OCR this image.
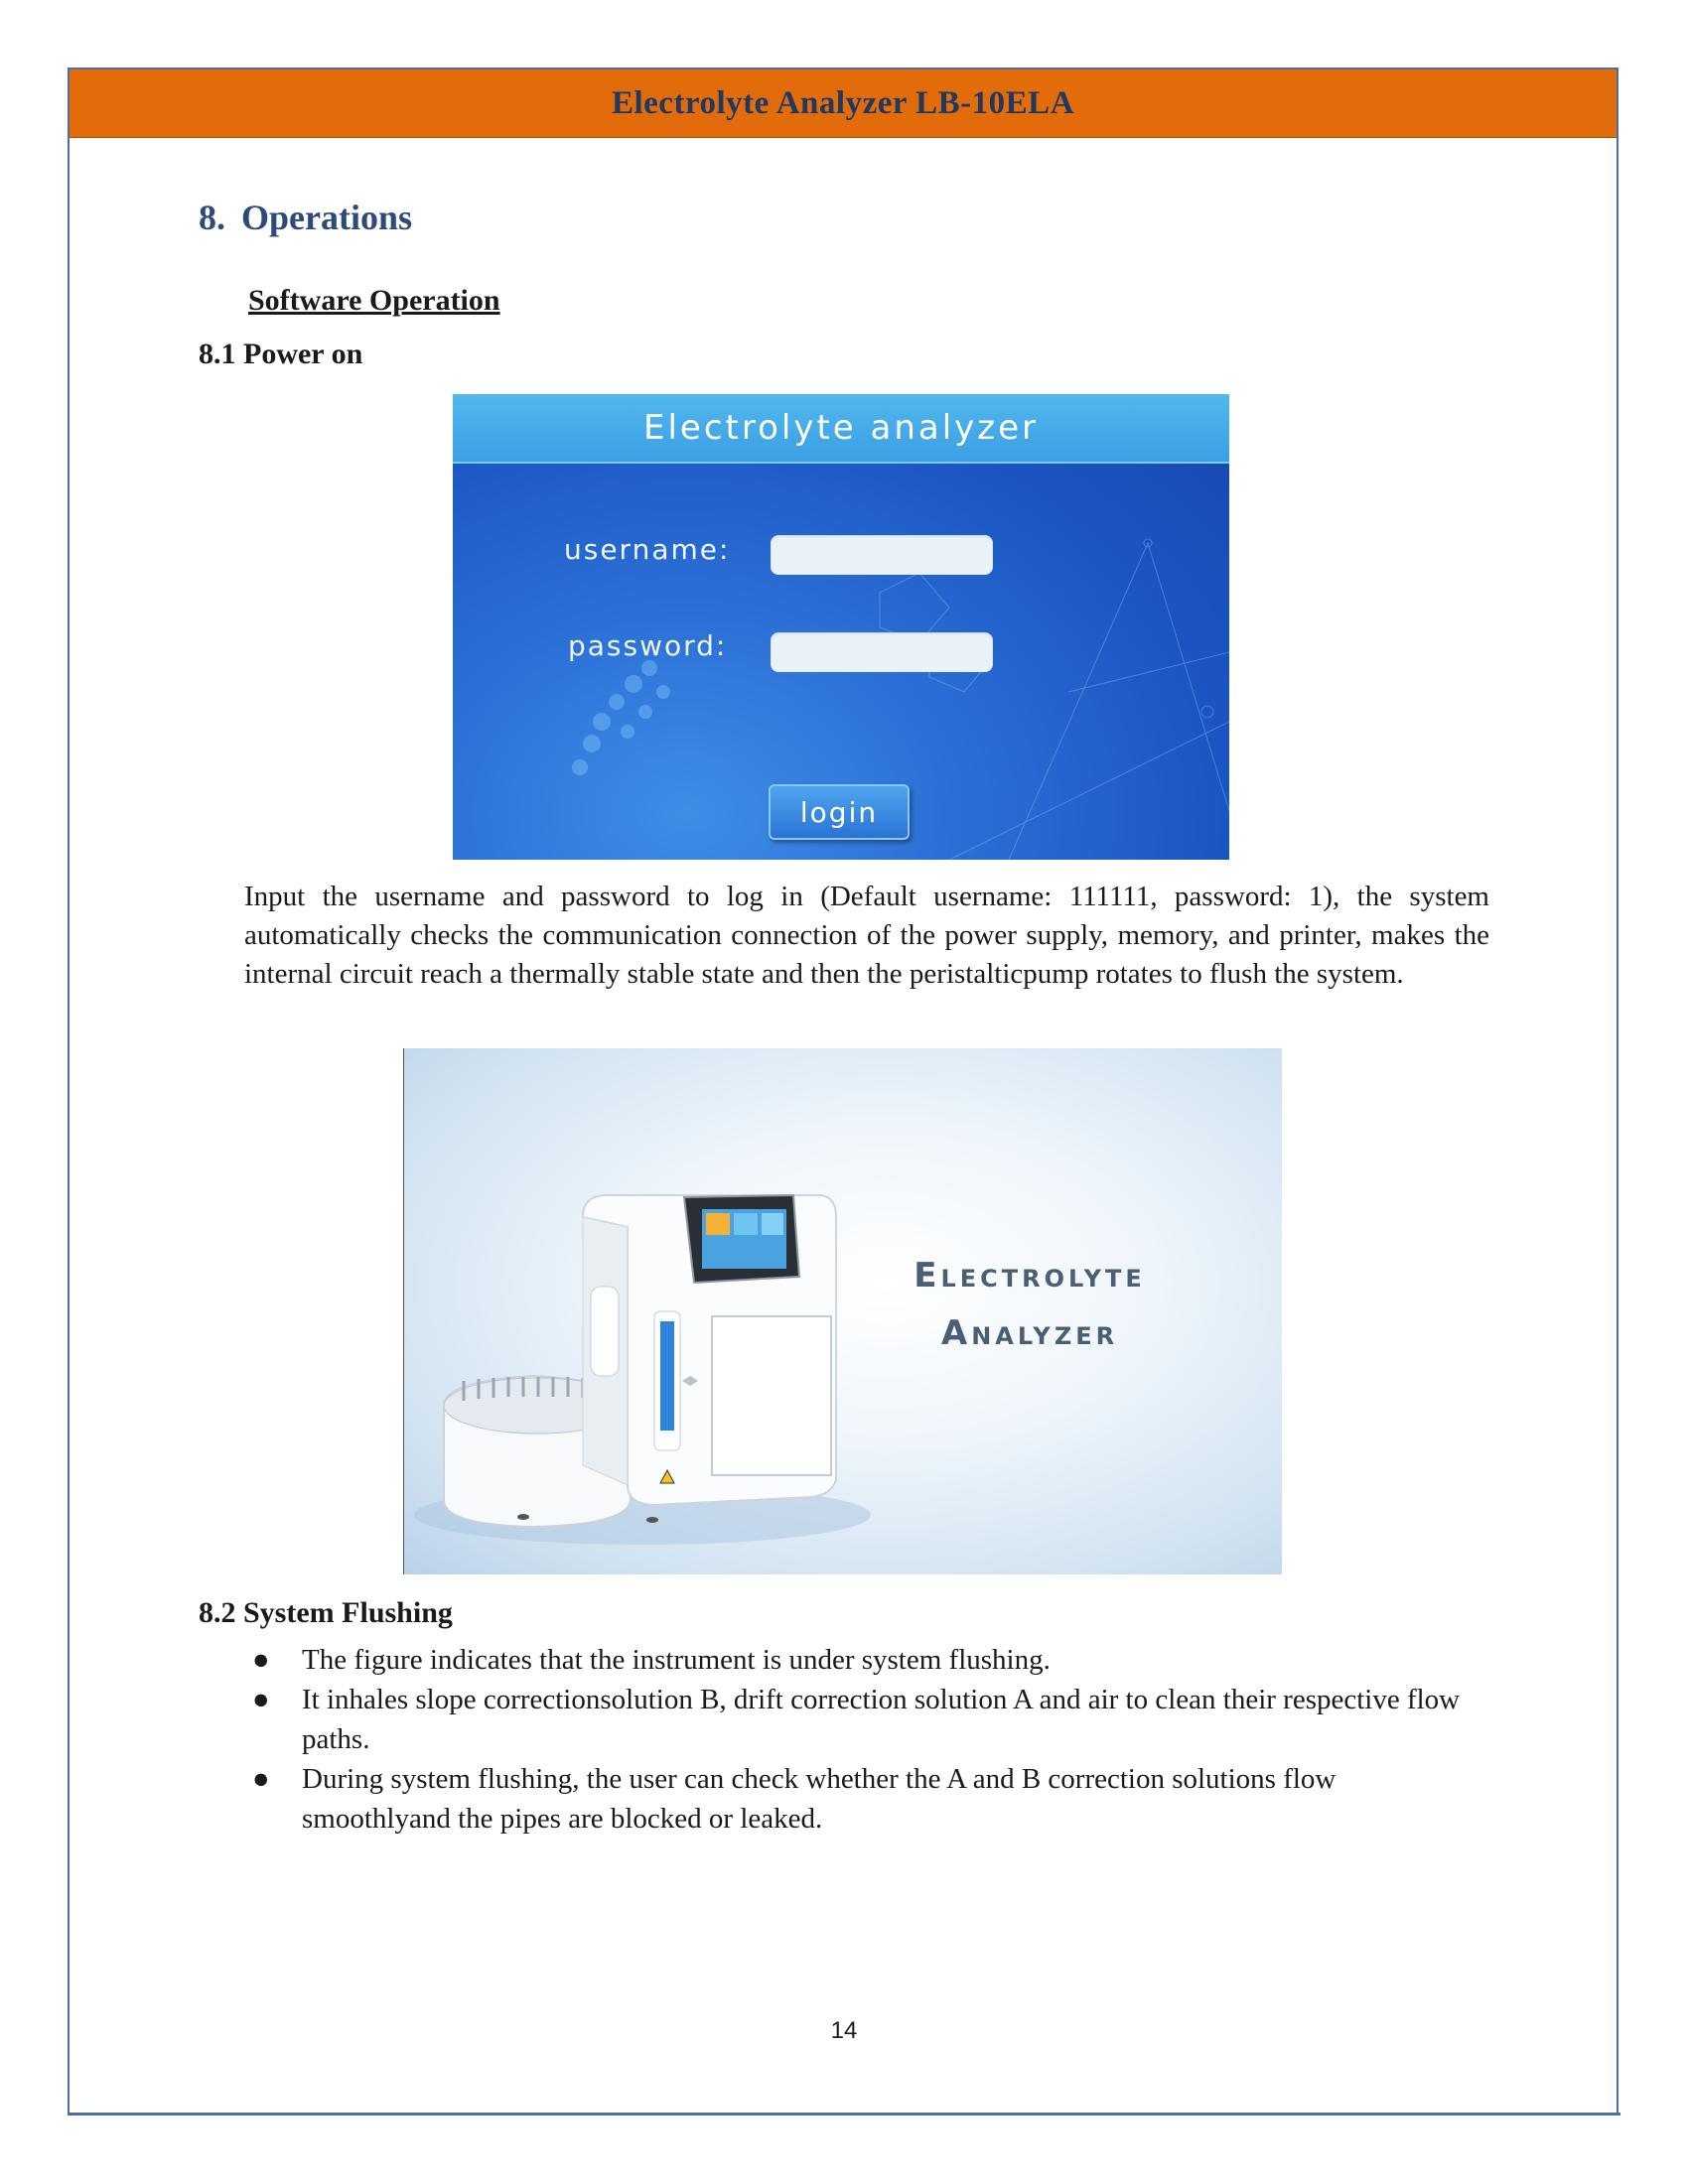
Electrolyte Analyzer LB-10ELA
8. Operations
Software Operation
8.1 Power on
Electrolyte analyzer
username:
password:
login
Input the username and password to log in (Default username: 111111, password: 1), the system automatically checks the communication connection of the power supply, memory, and printer, makes the internal circuit reach a thermally stable state and then the peristalticpump rotates to flush the system.
Electrolyte
Analyzer
8.2 System Flushing
● The figure indicates that the instrument is under system flushing.
● It inhales slope correctionsolution B, drift correction solution A and air to clean their respective flow paths.
● During system flushing, the user can check whether the A and B correction solutions flow smoothlyand the pipes are blocked or leaked.
14
